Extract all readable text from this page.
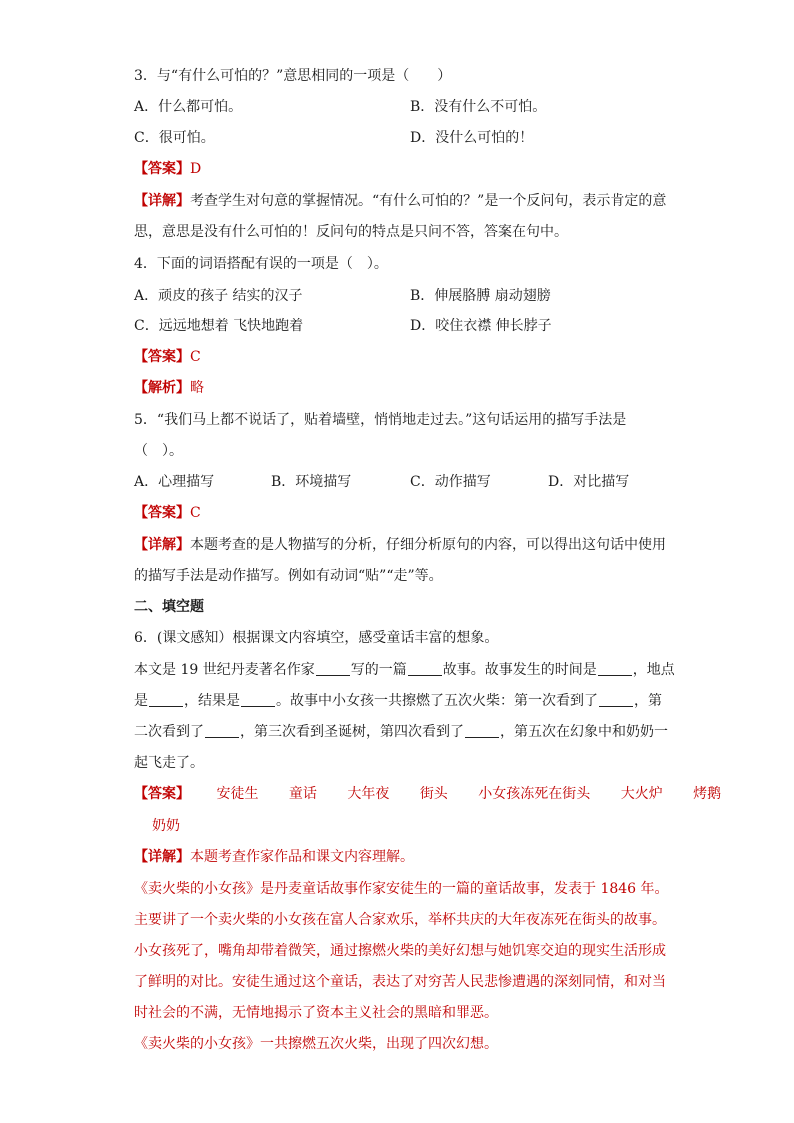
3．与“有什么可怕的？”意思相同的一项是（　　）
A．什么都可怕。	B．没有什么不可怕。
C．很可怕。	D．没什么可怕的！
【答案】D
【详解】考查学生对句意的掌握情况。“有什么可怕的？”是一个反问句，表示肯定的意
思，意思是没有什么可怕的！反问句的特点是只问不答，答案在句中。
4．下面的词语搭配有误的一项是（　）。
A．顽皮的孩子 结实的汉子	B．伸展胳膊 扇动翅膀
C．远远地想着 飞快地跑着	D．咬住衣襟 伸长脖子
【答案】C
【解析】略
5．“我们马上都不说话了，贴着墙壁，悄悄地走过去。”这句话运用的描写手法是
（　）。
A．心理描写	B．环境描写	C．动作描写	D．对比描写
【答案】C
【详解】本题考查的是人物描写的分析，仔细分析原句的内容，可以得出这句话中使用
的描写手法是动作描写。例如有动词“贴”“走”等。
二、填空题
6．(课文感知）根据课文内容填空，感受童话丰富的想象。
本文是 19 世纪丹麦著名作家	写的一篇	故事。故事发生的时间是	，地点
是	，结果是	。故事中小女孩一共擦燃了五次火柴：第一次看到了	，第
二次看到了	，第三次看到圣诞树，第四次看到了	，第五次在幻象中和奶奶一
起飞走了。
【答案】 安徒生 童话 大年夜 街头 小女孩冻死在街头 大火炉 烤鹅
奶奶
【详解】本题考查作家作品和课文内容理解。
《卖火柴的小女孩》是丹麦童话故事作家安徒生的一篇的童话故事，发表于 1846 年。
主要讲了一个卖火柴的小女孩在富人合家欢乐，举杯共庆的大年夜冻死在街头的故事。
小女孩死了，嘴角却带着微笑，通过擦燃火柴的美好幻想与她饥寒交迫的现实生活形成
了鲜明的对比。安徒生通过这个童话，表达了对穷苦人民悲惨遭遇的深刻同情，和对当
时社会的不满，无情地揭示了资本主义社会的黑暗和罪恶。
《卖火柴的小女孩》一共擦燃五次火柴，出现了四次幻想。
